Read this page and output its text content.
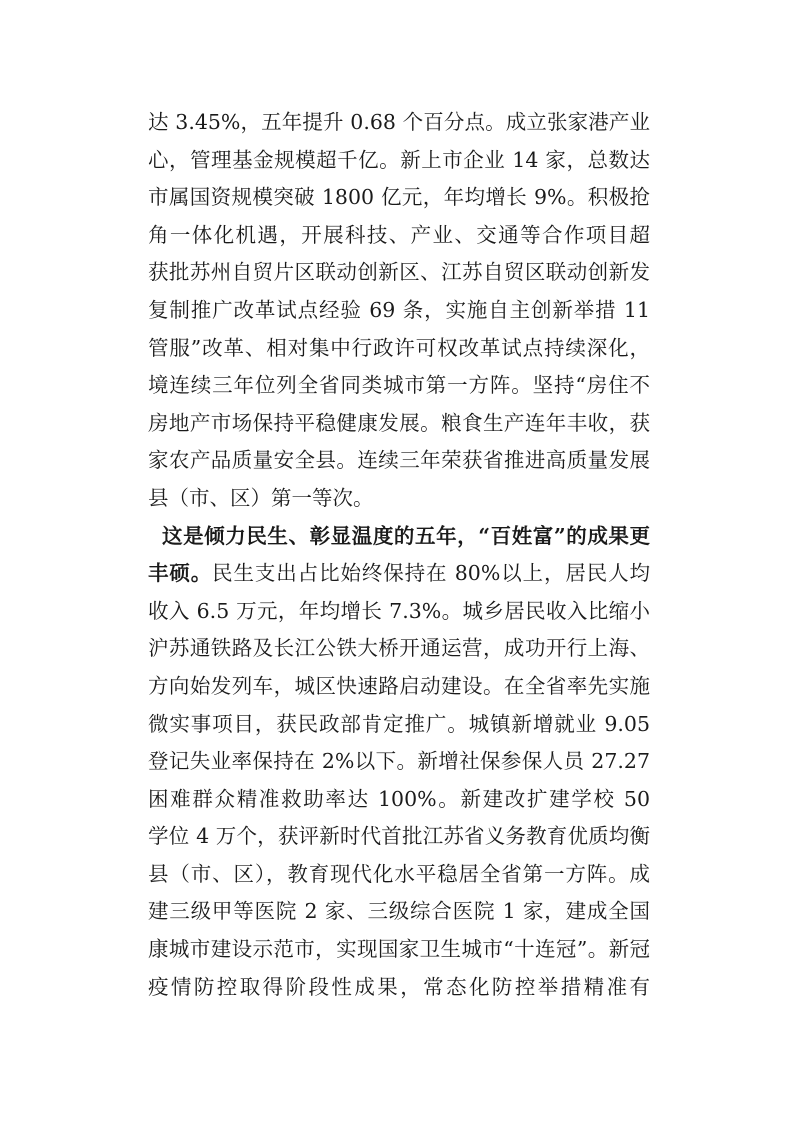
达 3.45%，五年提升 0.68 个百分点。成立张家港产业
心，管理基金规模超千亿。新上市企业 14 家，总数达
市属国资规模突破 1800 亿元，年均增长 9%。积极抢
角一体化机遇，开展科技、产业、交通等合作项目超
获批苏州自贸片区联动创新区、江苏自贸区联动创新发
复制推广改革试点经验 69 条，实施自主创新举措 11
管服”改革、相对集中行政许可权改革试点持续深化，
境连续三年位列全省同类城市第一方阵。坚持“房住不
房地产市场保持平稳健康发展。粮食生产连年丰收，获
家农产品质量安全县。连续三年荣获省推进高质量发展
县（市、区）第一等次。
这是倾力民生、彰显温度的五年，“百姓富”的成果更
丰硕。民生支出占比始终保持在 80%以上，居民人均
收入 6.5 万元，年均增长 7.3%。城乡居民收入比缩小
沪苏通铁路及长江公铁大桥开通运营，成功开行上海、
方向始发列车，城区快速路启动建设。在全省率先实施
微实事项目，获民政部肯定推广。城镇新增就业 9.05
登记失业率保持在 2%以下。新增社保参保人员 27.27
困难群众精准救助率达 100%。新建改扩建学校 50
学位 4 万个，获评新时代首批江苏省义务教育优质均衡
县（市、区），教育现代化水平稳居全省第一方阵。成
建三级甲等医院 2 家、三级综合医院 1 家，建成全国
康城市建设示范市，实现国家卫生城市“十连冠”。新冠
疫情防控取得阶段性成果，常态化防控举措精准有
